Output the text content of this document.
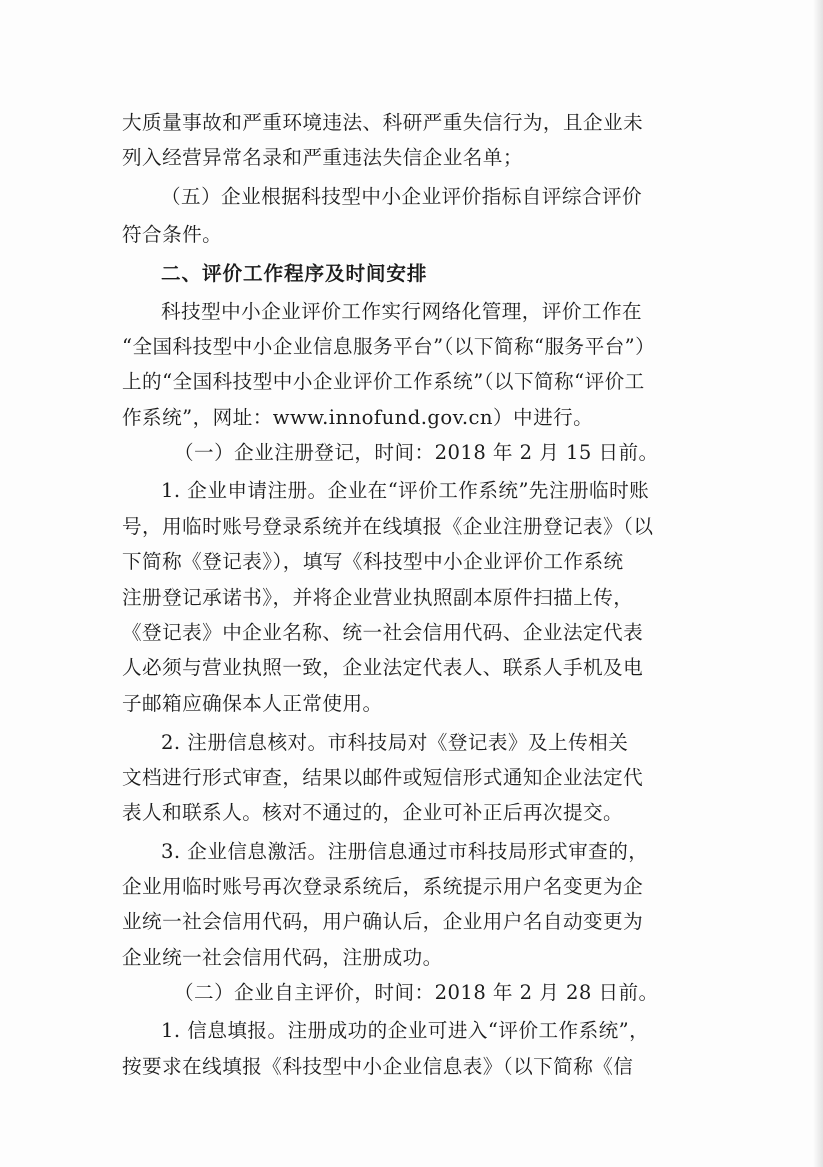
大质量事故和严重环境违法、科研严重失信行为，且企业未
列入经营异常名录和严重违法失信企业名单；
（五）企业根据科技型中小企业评价指标自评综合评价
符合条件。
二、评价工作程序及时间安排
科技型中小企业评价工作实行网络化管理，评价工作在
“全国科技型中小企业信息服务平台”（以下简称“服务平台”）
上的“全国科技型中小企业评价工作系统”（以下简称“评价工
作系统”，网址：www.innofund.gov.cn）中进行。
（一）企业注册登记，时间：2018 年 2 月 15 日前。
1. 企业申请注册。企业在“评价工作系统”先注册临时账
号，用临时账号登录系统并在线填报《企业注册登记表》（以
下简称《登记表》），填写《科技型中小企业评价工作系统
注册登记承诺书》，并将企业营业执照副本原件扫描上传，
《登记表》中企业名称、统一社会信用代码、企业法定代表
人必须与营业执照一致，企业法定代表人、联系人手机及电
子邮箱应确保本人正常使用。
2. 注册信息核对。市科技局对《登记表》及上传相关
文档进行形式审查，结果以邮件或短信形式通知企业法定代
表人和联系人。核对不通过的，企业可补正后再次提交。
3. 企业信息激活。注册信息通过市科技局形式审查的，
企业用临时账号再次登录系统后，系统提示用户名变更为企
业统一社会信用代码，用户确认后，企业用户名自动变更为
企业统一社会信用代码，注册成功。
（二）企业自主评价，时间：2018 年 2 月 28 日前。
1. 信息填报。注册成功的企业可进入“评价工作系统”，
按要求在线填报《科技型中小企业信息表》（以下简称《信
